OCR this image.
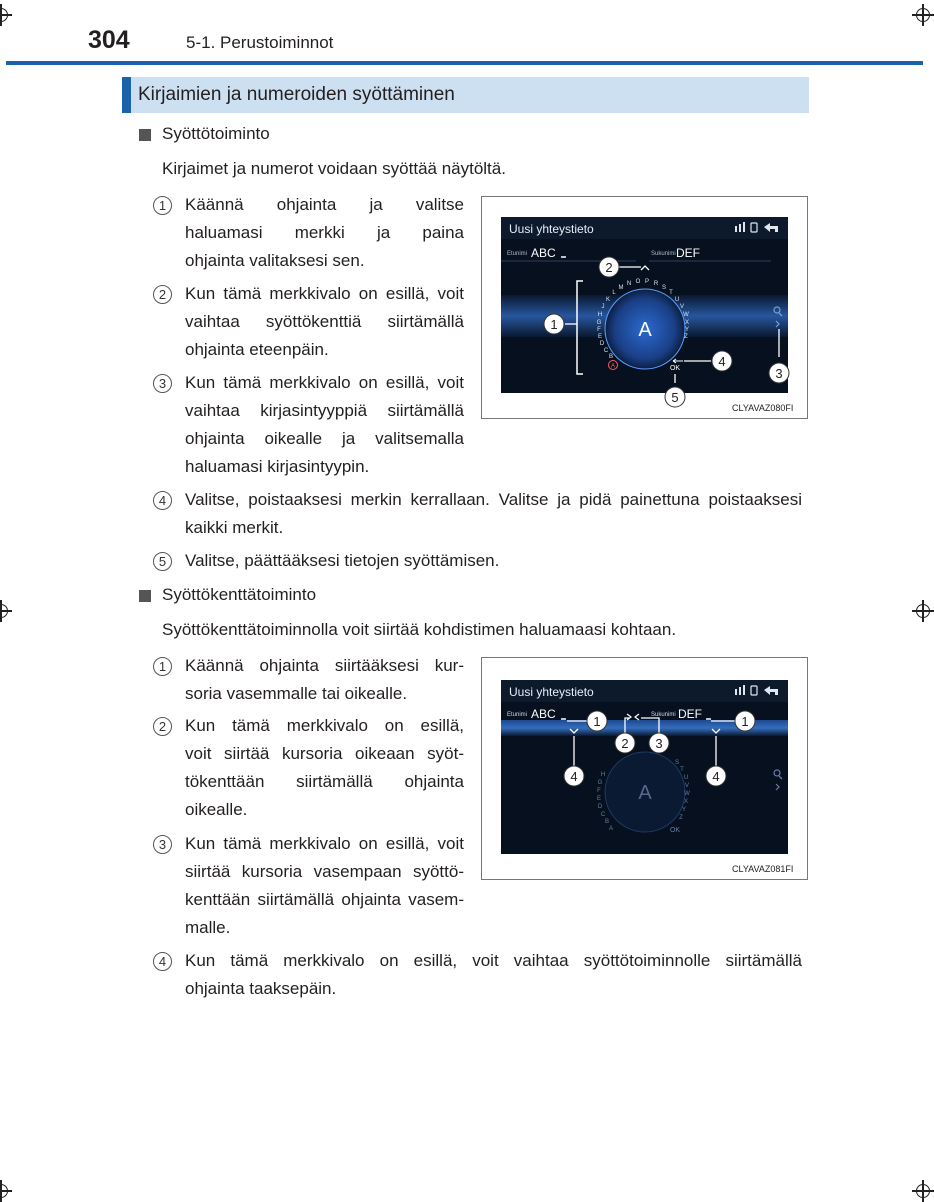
304	5-1. Perustoiminnot
Kirjaimien ja numeroiden syöttäminen
Syöttötoiminto
Kirjaimet ja numerot voidaan syöttää näytöltä.
1	Käännä ohjainta ja valitse
haluamasi merkki ja paina
ohjainta valitaksesi sen.
2	Kun tämä merkkivalo on esillä, voit
vaihtaa syöttökenttiä siirtämällä
ohjainta eteenpäin.
3	Kun tämä merkkivalo on esillä, voit
vaihtaa kirjasintyyppiä siirtämällä
ohjainta oikealle ja valitsemalla
haluamasi kirjasintyypin.
4	Valitse, poistaaksesi merkin kerrallaan. Valitse ja pidä painettuna poistaaksesi
kaikki merkit.
5	Valitse, päättääksesi tietojen syöttämisen.
Uusi yhteystieto
Etunimi ABC	Sukunimi DEF
A
B
C
D
E
F
G
H
J
K
L
M
N O P R
S
T
U
V
W
X
Y
Z
A	OK
2
1
4
3
5
CLYAVAZ080FI
Syöttökenttätoiminto
Syöttökenttätoiminnolla voit siirtää kohdistimen haluamaasi kohtaan.
1	Käännä ohjainta siirtääksesi kur-
soria vasemmalle tai oikealle.
2	Kun tämä merkkivalo on esillä,
voit siirtää kursoria oikeaan syöt-
tökenttään siirtämällä ohjainta
oikealle.
3	Kun tämä merkkivalo on esillä, voit
siirtää kursoria vasempaan syöttö-
kenttään siirtämällä ohjainta vasem-
malle.
4	Kun tämä merkkivalo on esillä, voit vaihtaa syöttötoiminnolle siirtämällä
ohjainta taaksepäin.
Uusi yhteystieto
Etunimi ABC	Sukunimi DEF
A
A
B
C
D
E
F
G
H
S
T
U
V
W
X
Y
Z
OK
1	1
2 3
4	4
CLYAVAZ081FI
